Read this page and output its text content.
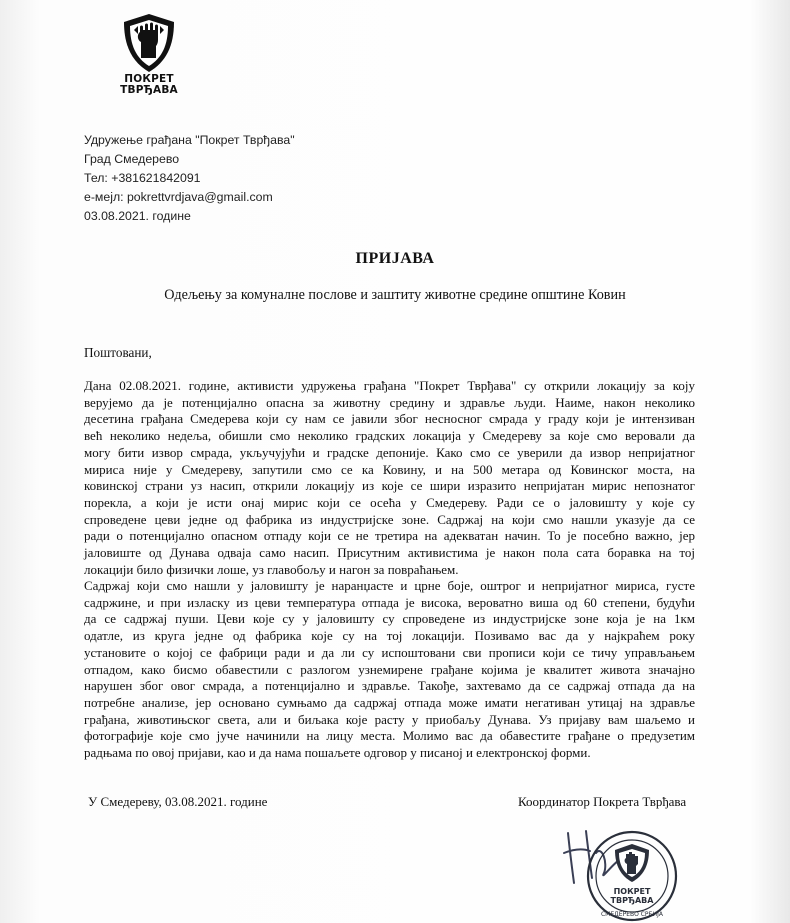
ПОКРЕТ
ТВРЂАВА
Удружење грађана "Покрет Тврђава"
Град Смедерево
Тел: +381621842091
е-мејл: pokrettvrdjava@gmail.com
03.08.2021. године
ПРИЈАВА
Одељењу за комуналне послове и заштиту животне средине општине Ковин
Поштовани,
Дана 02.08.2021. године, активисти удружења грађана "Покрет Тврђава" су открили локацију за коју
верујемо да је потенцијално опасна за животну средину и здравље људи. Наиме, након неколико
десетина грађана Смедерева који су нам се јавили због несносног смрада у граду који је интензиван
већ неколико недеља, обишли смо неколико градских локација у Смедереву за које смо веровали да
могу бити извор смрада, укључујући и градске депоније. Како смо се уверили да извор непријатног
мириса није у Смедереву, запутили смо се ка Ковину, и на 500 метара од Ковинског моста, на
ковинској страни уз насип, открили локацију из које се шири изразито непријатан мирис непознатог
порекла, а који је исти онај мирис који се осећа у Смедереву. Ради се о јаловишту у које су
спроведене цеви једне од фабрика из индустријске зоне. Садржај на који смо нашли указује да се
ради о потенцијално опасном отпаду који се не третира на адекватан начин. То је посебно важно, јер
јаловиште од Дунава одваја само насип. Присутним активистима је након пола сата боравка на тој
локацији било физички лоше, уз главобољу и нагон за повраћањем.
Садржај који смо нашли у јаловишту је наранџасте и црне боје, оштрог и непријатног мириса, густе
садржине, и при изласку из цеви температура отпада је висока, вероватно виша од 60 степени, будући
да се садржај пуши. Цеви које су у јаловишту су спроведене из индустријске зоне која је на 1км
одатле, из круга једне од фабрика које су на тој локацији. Позивамо вас да у најкраћем року
установите о којој се фабрици ради и да ли су испоштовани сви прописи који се тичу управљањем
отпадом, како бисмо обавестили с разлогом узнемирене грађане којима је квалитет живота значајно
нарушен због овог смрада, а потенцијално и здравље. Такође, захтевамо да се садржај отпада да на
потребне анализе, јер основано сумњамо да садржај отпада може имати негативан утицај на здравље
грађана, животињског света, али и биљака које расту у приобаљу Дунава. Уз пријаву вам шаљемо и
фотографије које смо јуче начинили на лицу места. Молимо вас да обавестите грађане о предузетим
радњама по овој пријави, као и да нама пошаљете одговор у писаној и електронској форми.
У Смедереву, 03.08.2021. године	Координатор Покрета Тврђава
ПОКРЕТ
ТВРЂАВА
СМЕДЕРЕВО СРБИЈА
